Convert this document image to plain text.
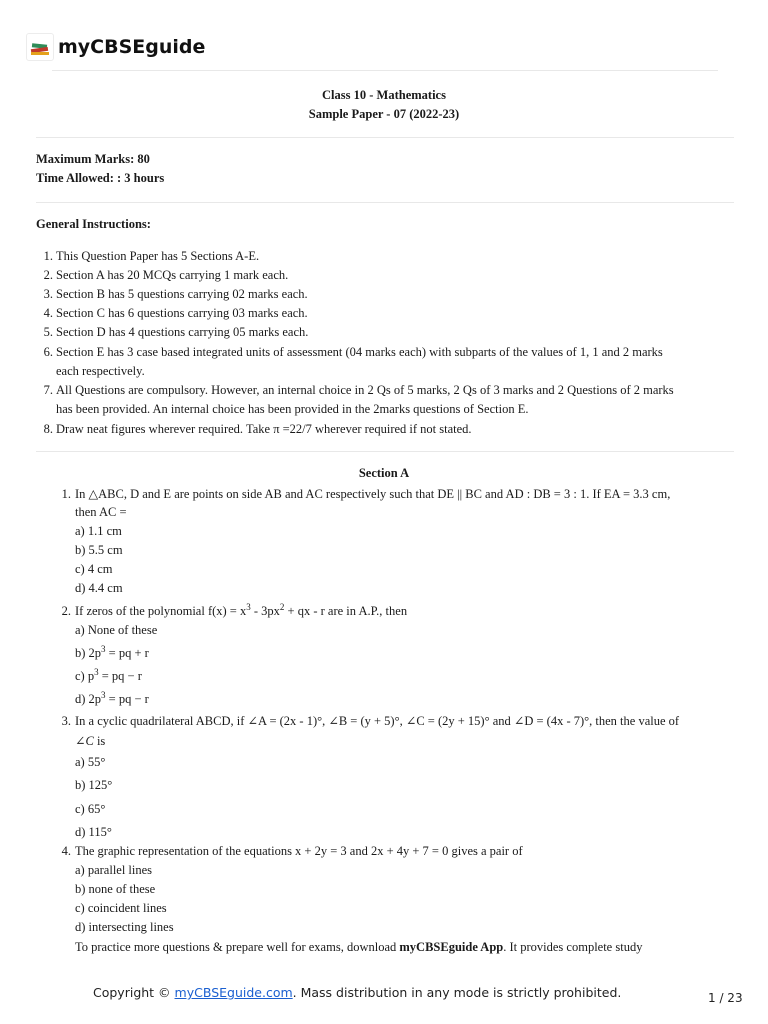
myCBSEguide
Class 10 - Mathematics
Sample Paper - 07 (2022-23)
Maximum Marks: 80
Time Allowed: : 3 hours
General Instructions:
1. This Question Paper has 5 Sections A-E.
2. Section A has 20 MCQs carrying 1 mark each.
3. Section B has 5 questions carrying 02 marks each.
4. Section C has 6 questions carrying 03 marks each.
5. Section D has 4 questions carrying 05 marks each.
6. Section E has 3 case based integrated units of assessment (04 marks each) with subparts of the values of 1, 1 and 2 marks
each respectively.
7. All Questions are compulsory. However, an internal choice in 2 Qs of 5 marks, 2 Qs of 3 marks and 2 Questions of 2 marks
has been provided. An internal choice has been provided in the 2marks questions of Section E.
8. Draw neat figures wherever required. Take π =22/7 wherever required if not stated.
Section A
1. In △ABC, D and E are points on side AB and AC respectively such that DE || BC and AD : DB = 3 : 1. If EA = 3.3 cm,
then AC =
a) 1.1 cm
b) 5.5 cm
c) 4 cm
d) 4.4 cm
2. If zeros of the polynomial $f(x) = x^3 - 3px^2$ + qx - r are in A.P., then
a) None of these
b) $2p^3$ = pq + r
c) $p^3$ = pq − r
d) $2p^3$ = pq − r
3. In a cyclic quadrilateral ABCD, if ∠A = (2x - 1)°, ∠B = (y + 5)°, ∠C = (2y + 15)° and ∠D = (4x - 7)°, then the value of
∠C is
a) 55°
b) 125°
c) 65°
d) 115°
4. The graphic representation of the equations x + 2y = 3 and 2x + 4y + 7 = 0 gives a pair of
a) parallel lines
b) none of these
c) coincident lines
d) intersecting lines
To practice more questions & prepare well for exams, download myCBSEguide App. It provides complete study
Copyright © myCBSEguide.com. Mass distribution in any mode is strictly prohibited.	1 / 23
